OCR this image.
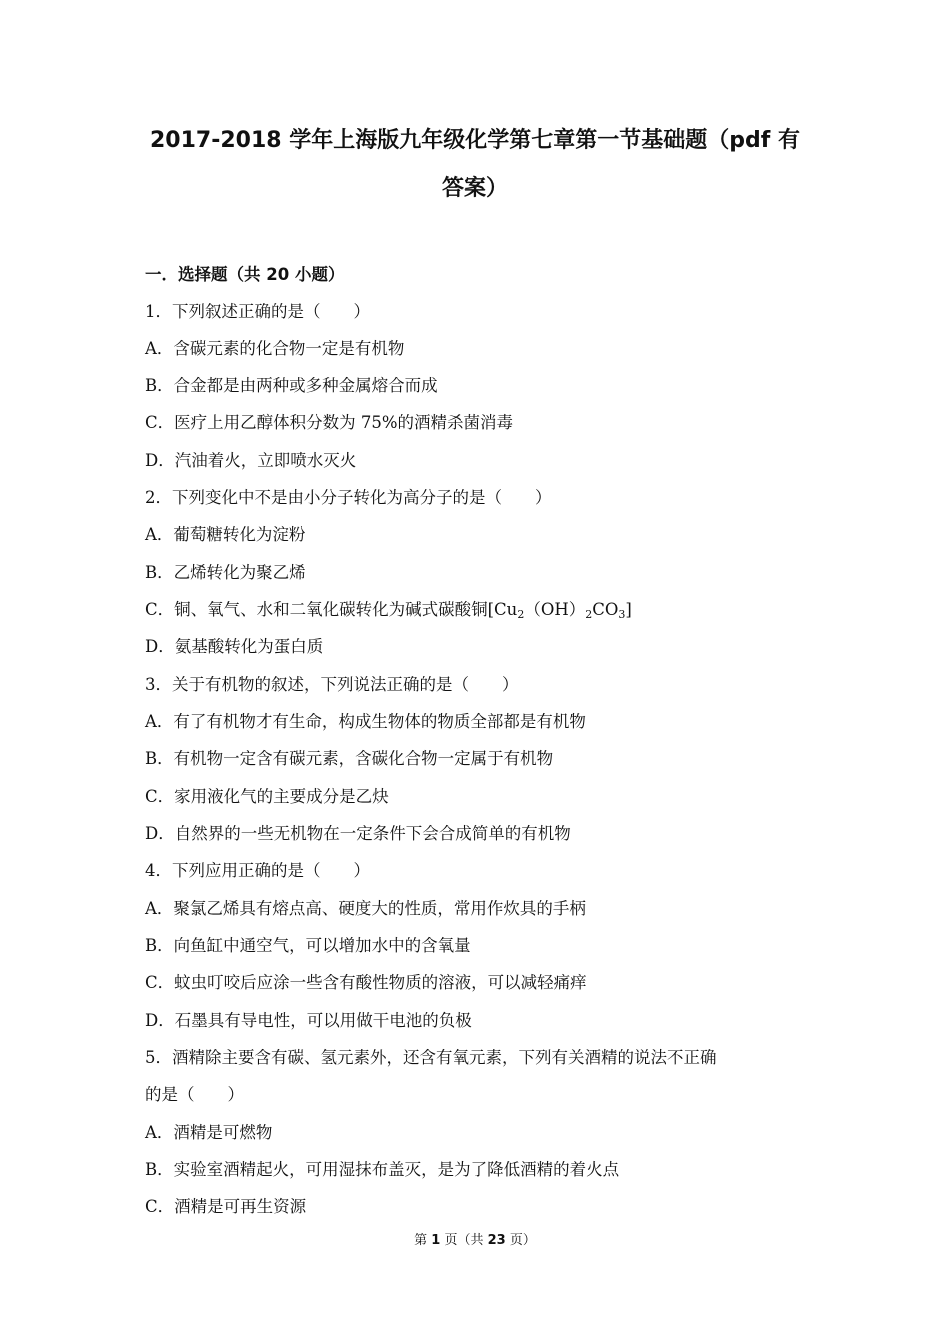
2017-2018 学年上海版九年级化学第七章第一节基础题（pdf 有
答案）
一．选择题（共 20 小题）
1．下列叙述正确的是（　　）
A．含碳元素的化合物一定是有机物
B．合金都是由两种或多种金属熔合而成
C．医疗上用乙醇体积分数为 75%的酒精杀菌消毒
D．汽油着火，立即喷水灭火
2．下列变化中不是由小分子转化为高分子的是（　　）
A．葡萄糖转化为淀粉
B．乙烯转化为聚乙烯
C．铜、氧气、水和二氧化碳转化为碱式碳酸铜$[Cu_2(OH)_2CO_3]$
D．氨基酸转化为蛋白质
3．关于有机物的叙述，下列说法正确的是（　　）
A．有了有机物才有生命，构成生物体的物质全部都是有机物
B．有机物一定含有碳元素，含碳化合物一定属于有机物
C．家用液化气的主要成分是乙炔
D．自然界的一些无机物在一定条件下会合成简单的有机物
4．下列应用正确的是（　　）
A．聚氯乙烯具有熔点高、硬度大的性质，常用作炊具的手柄
B．向鱼缸中通空气，可以增加水中的含氧量
C．蚊虫叮咬后应涂一些含有酸性物质的溶液，可以减轻痛痒
D．石墨具有导电性，可以用做干电池的负极
5．酒精除主要含有碳、氢元素外，还含有氧元素，下列有关酒精的说法不正确
的是（　　）
A．酒精是可燃物
B．实验室酒精起火，可用湿抹布盖灭，是为了降低酒精的着火点
C．酒精是可再生资源
第 1 页（共 23 页）
